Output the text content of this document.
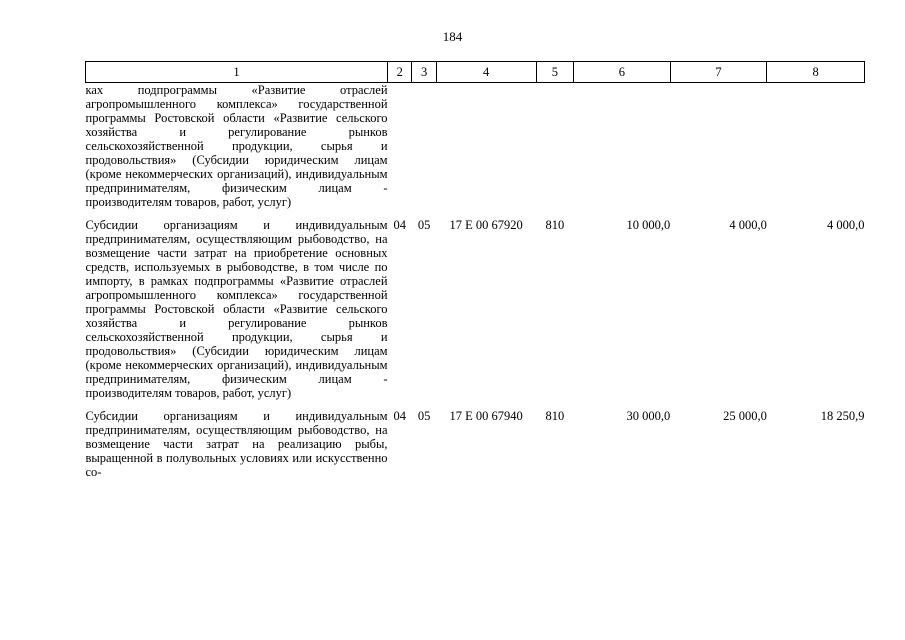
184
1	2	3	4	5	6	7	8
ках подпрограммы «Развитие отраслей агропромышленного комплекса» государственной программы Ростовской области «Развитие сельского хозяйства и регулирование рынков сельскохозяйственной продукции, сырья и продовольствия» (Субсидии юридическим лицам (кроме некоммерческих организаций), индивидуальным предпринимателям, физическим лицам - производителям товаров, работ, услуг)							

Субсидии организациям и индивидуальным предпринимателям, осуществляющим рыбоводство, на возмещение части затрат на приобретение основных средств, используемых в рыбоводстве, в том числе по импорту, в рамках подпрограммы «Развитие отраслей агропромышленного комплекса» государственной программы Ростовской области «Развитие сельского хозяйства и регулирование рынков сельскохозяйственной продукции, сырья и продовольствия» (Субсидии юридическим лицам (кроме некоммерческих организаций), индивидуальным предпринимателям, физическим лицам - производителям товаров, работ, услуг)	04	05	17 Е 00 67920	810	10 000,0	4 000,0	4 000,0

Субсидии организациям и индивидуальным предпринимателям, осуществляющим рыбоводство, на возмещение части затрат на реализацию рыбы, выращенной в полувольных условиях или искусственно со-	04	05	17 Е 00 67940	810	30 000,0	25 000,0	18 250,9
